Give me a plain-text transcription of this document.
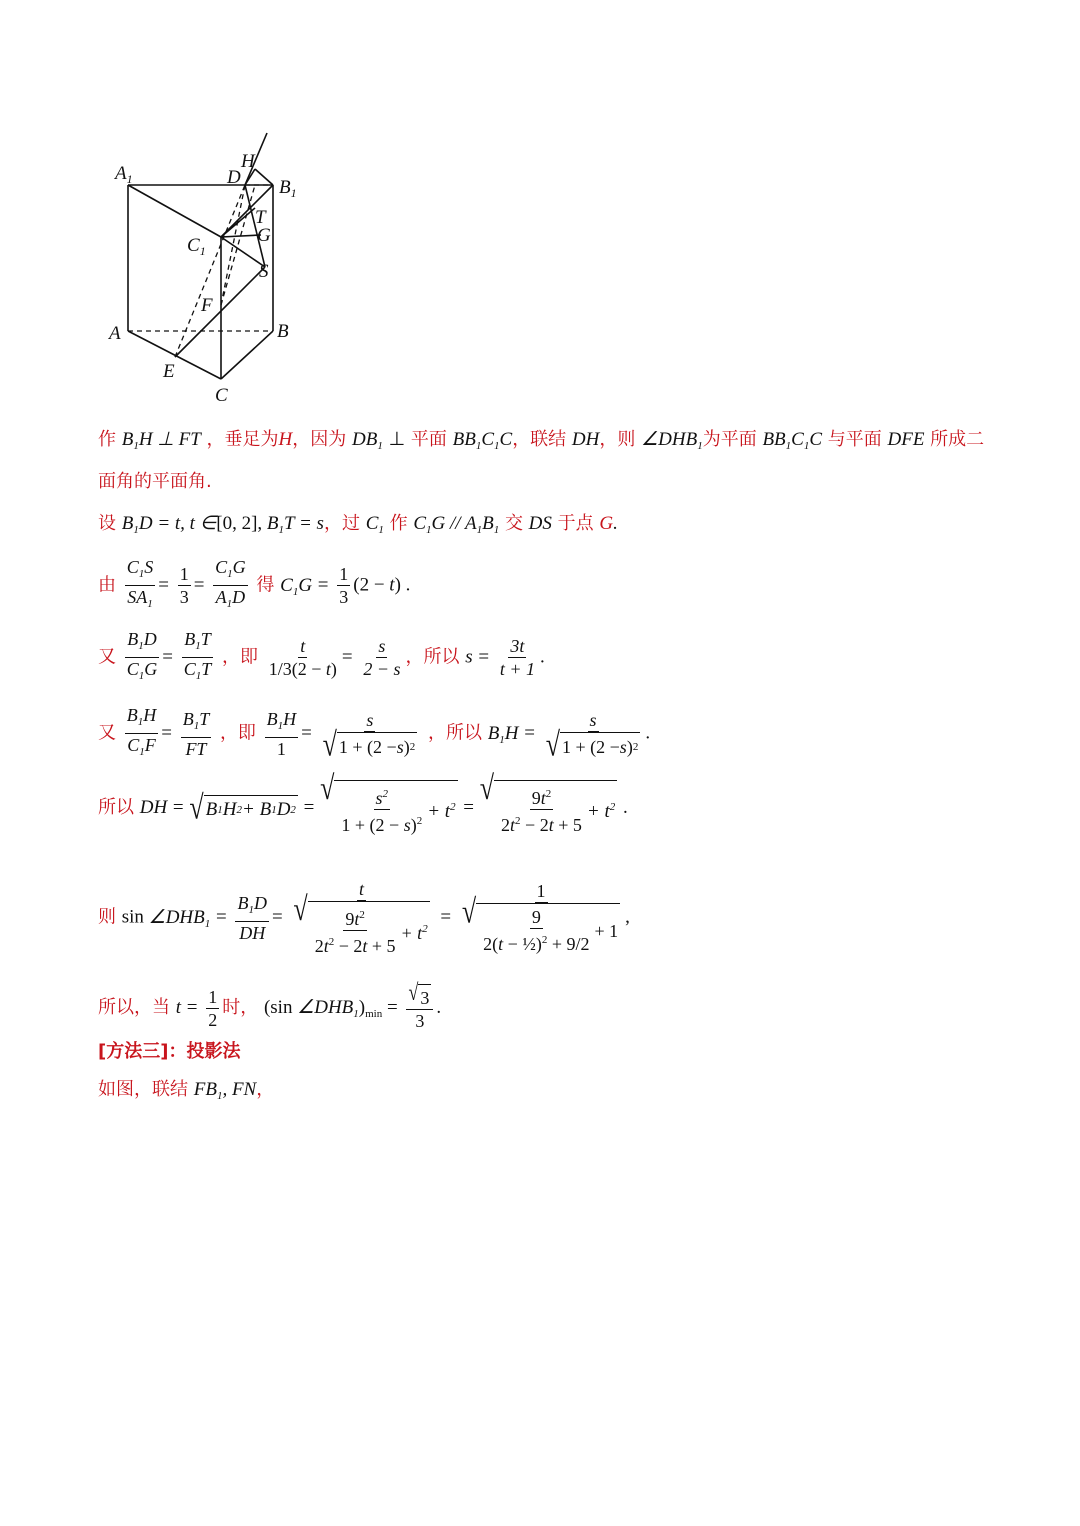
$A_1$	D
H
$B_1$
T
G
$C_1$
S
F
A	B
E
C
作 $B_1H$ ⊥ FT ，垂足为H，因为 $DB_1$ ⊥ 平面 $BB_1C_1C$，联结 DH，则 $\angle DHB_1$为平面 $BB_1C_1C$ 与平面 DFE 所成二
面角的平面角.
设 $B_1D = t$, t ∈[0, 2], $B_1T = s$，过 $C_1$ 作 $C_1G // A_1B_1$ 交 DS 于点 G.
由 $\frac{C_1S}{SA_1} = \frac{1}{3} = \frac{C_1G}{A_1D}$ 得 $C_1G = \frac{1}{3} (2 - t)$ .
又 $\frac{B_1D}{C_1G} = \frac{B_1T}{C_1T}$ ，即 $\frac{t}{1/3(2 - t)} = \frac{s}{2 - s}$ ，所以 $s = \frac{3t}{t + 1}$ .
又 $\frac{B_1H}{C_1F} = \frac{B_1T}{FT}$ ，即 $\frac{B_1H}{1} = \frac{s}{√ 1 + (2 - s ) 2}$ ，所以 $B_1H = \frac{s}{√ 1 + (2 - s ) 2}$ .
所以 DH = √ B 1 H 2 + B 1 D 2 =
√ $\frac{s^2}{1 + (2 - s)^2} + t^2$ =
√ $\frac{9t^2}{2t^2 - 2t + 5} + t^2$ .
则 $\sin \angle DHB_1 = \frac{B_1D}{DH} = \frac{t}{√ \frac{9t^2}{2t^2 - 2t + 5} + t^2} = \frac{1}{√ \frac{9}{2(t - \frac{1}{2})^2 + 9/2} + 1}$ ,
所以，当 $t = \frac{1}{2}$ 时， (sin $\angle DHB_1)_{min} = \frac{√ 3}{3}$ .
[方法三]：投影法
如图，联结 $FB_1$, FN，
